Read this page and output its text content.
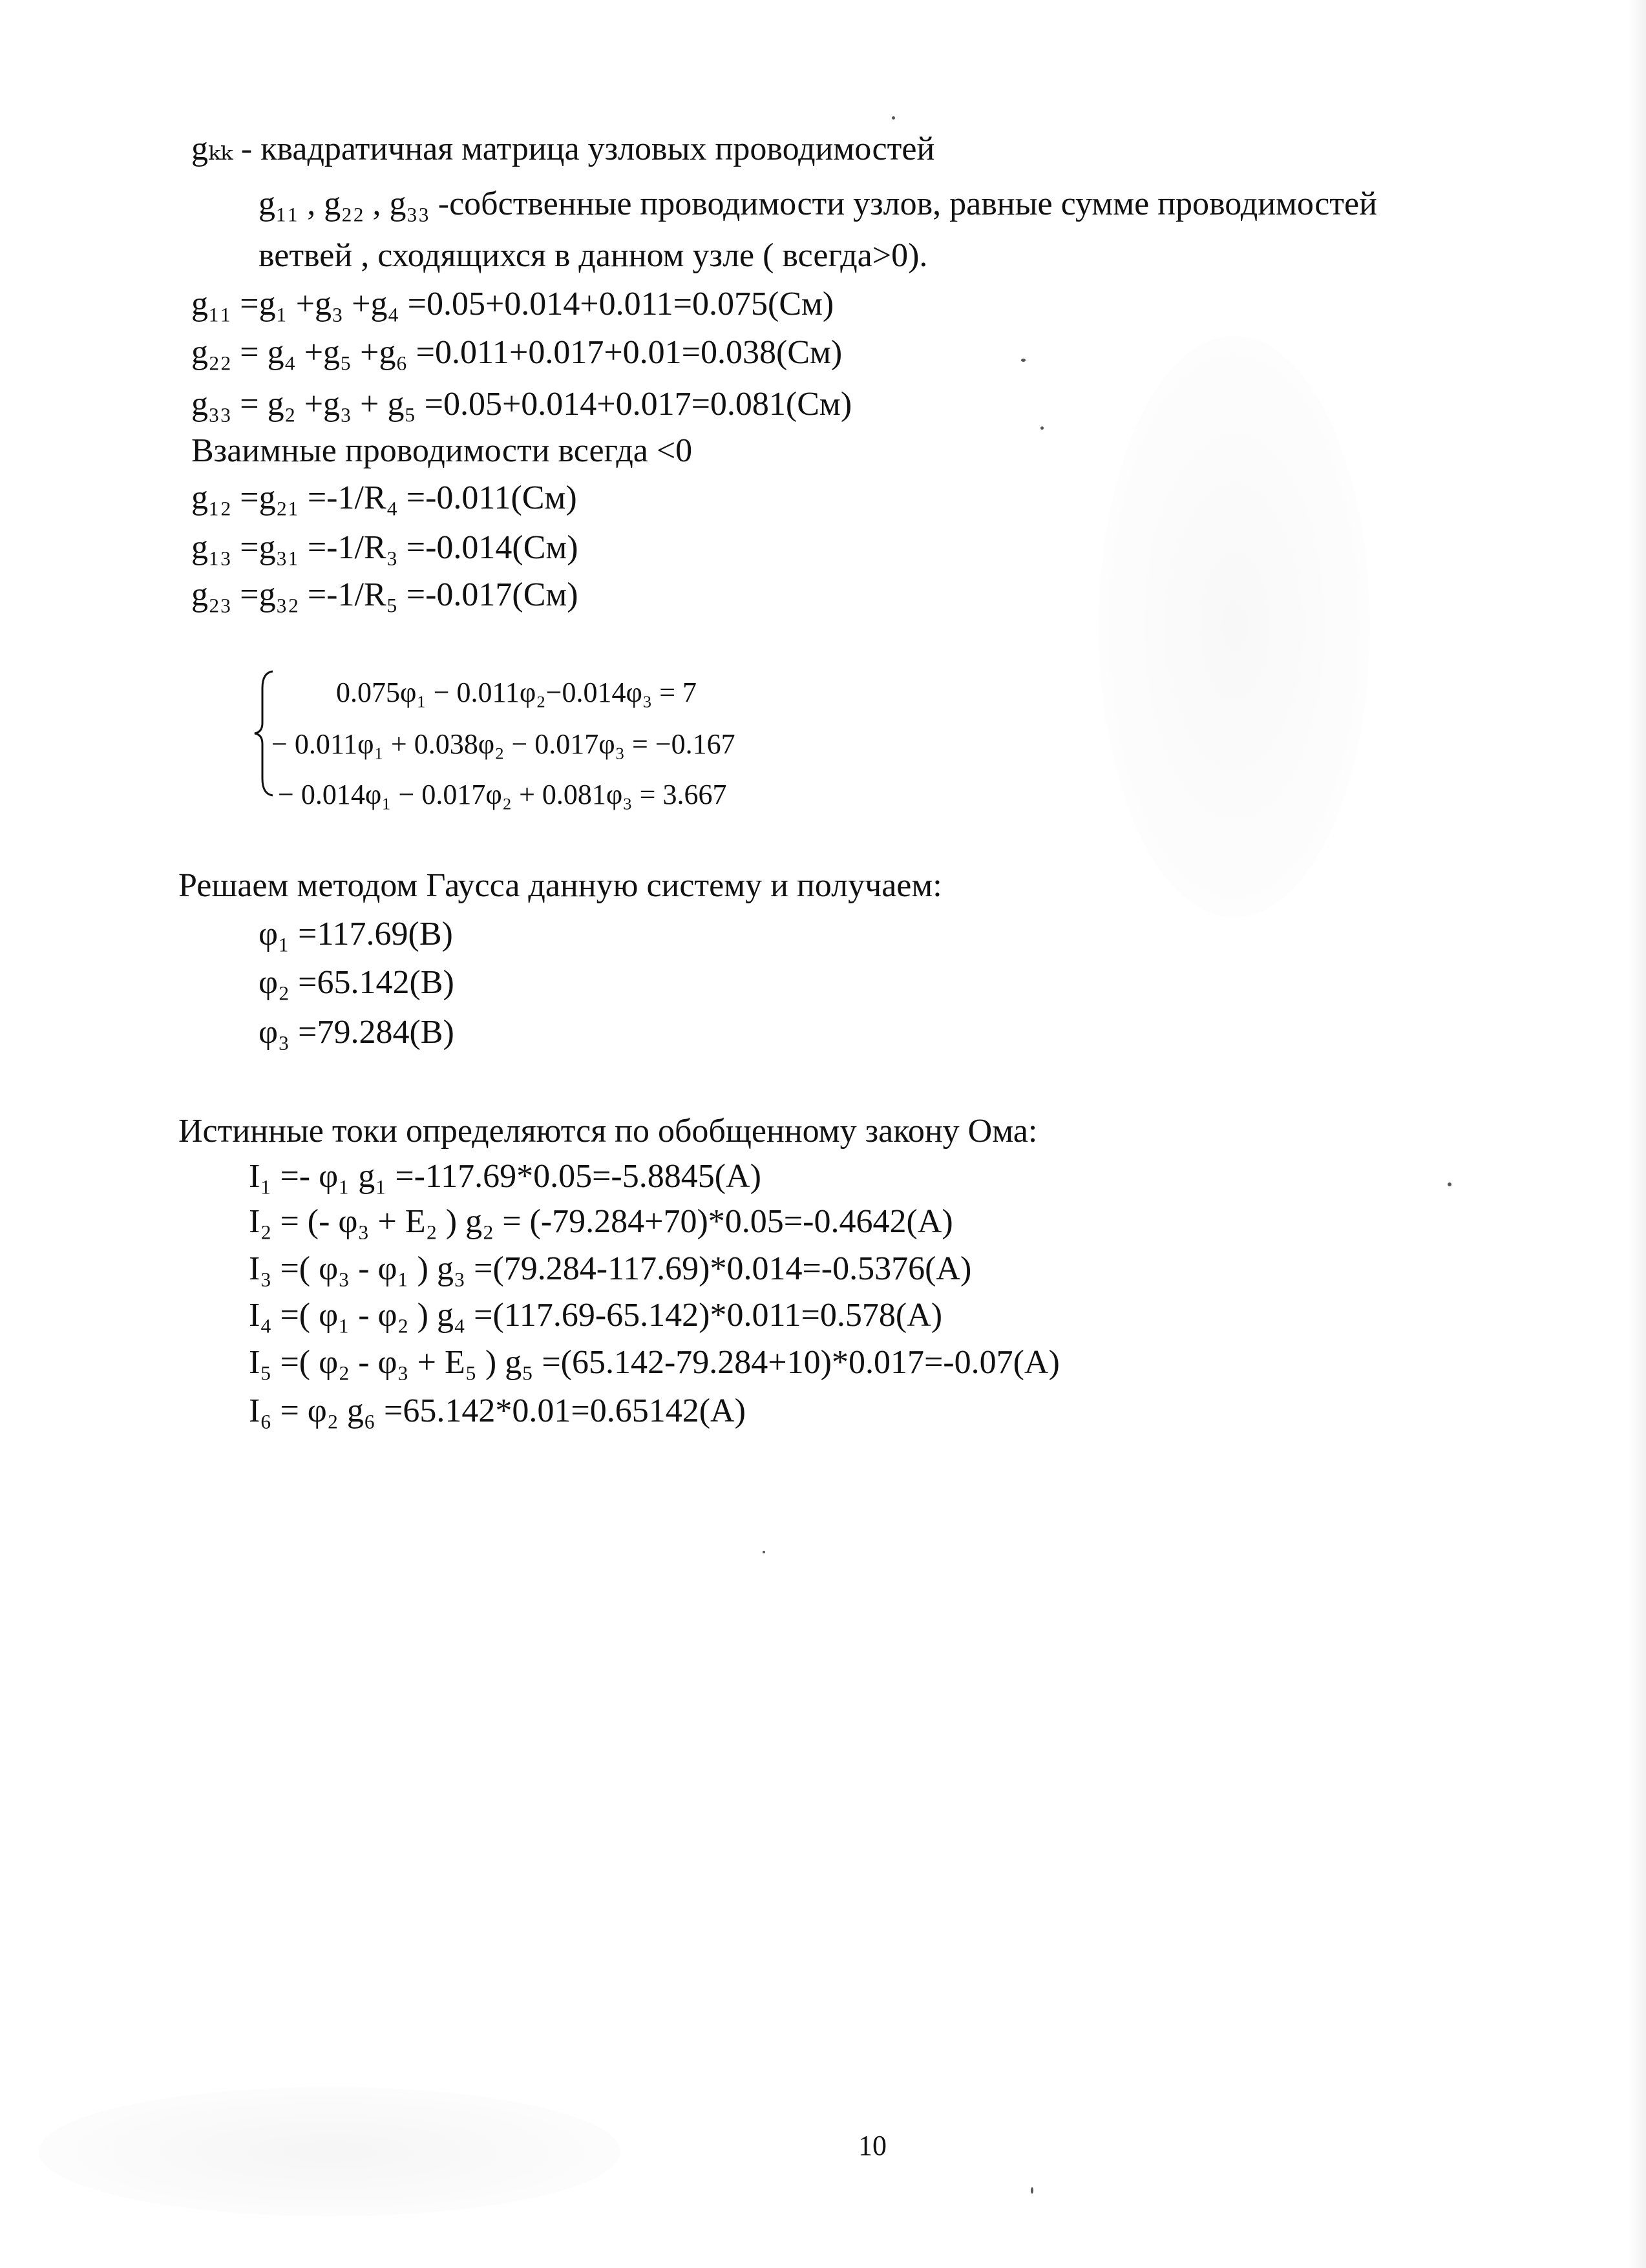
gₖₖ - квадратичная матрица узловых проводимостей
g₁₁ , g₂₂ , g₃₃ -собственные проводимости узлов, равные сумме проводимостей
ветвей , сходящихся в данном узле ( всегда>0).
g₁₁ =g₁ +g₃ +g₄ =0.05+0.014+0.011=0.075(См)
g₂₂ = g₄ +g₅ +g₆ =0.011+0.017+0.01=0.038(См)
g₃₃ = g₂ +g₃ + g₅ =0.05+0.014+0.017=0.081(См)
Взаимные проводимости всегда <0
g₁₂ =g₂₁ =-1/R₄ =-0.011(См)
g₁₃ =g₃₁ =-1/R₃ =-0.014(См)
g₂₃ =g₃₂ =-1/R₅ =-0.017(См)
0.075φ₁ − 0.011φ₂−0.014φ₃ = 7
− 0.011φ₁ + 0.038φ₂ − 0.017φ₃ = −0.167
− 0.014φ₁ − 0.017φ₂ + 0.081φ₃ = 3.667
Решаем методом Гаусса данную систему и получаем:
φ₁ =117.69(В)
φ₂ =65.142(В)
φ₃ =79.284(В)
Истинные токи определяются по обобщенному закону Ома:
I₁ =- φ₁ g₁ =-117.69*0.05=-5.8845(А)
I₂ = (- φ₃ + E₂ ) g₂ = (-79.284+70)*0.05=-0.4642(А)
I₃ =( φ₃ - φ₁ ) g₃ =(79.284-117.69)*0.014=-0.5376(А)
I₄ =( φ₁ - φ₂ ) g₄ =(117.69-65.142)*0.011=0.578(А)
I₅ =( φ₂ - φ₃ + E₅ ) g₅ =(65.142-79.284+10)*0.017=-0.07(А)
I₆ = φ₂ g₆ =65.142*0.01=0.65142(А)
10
